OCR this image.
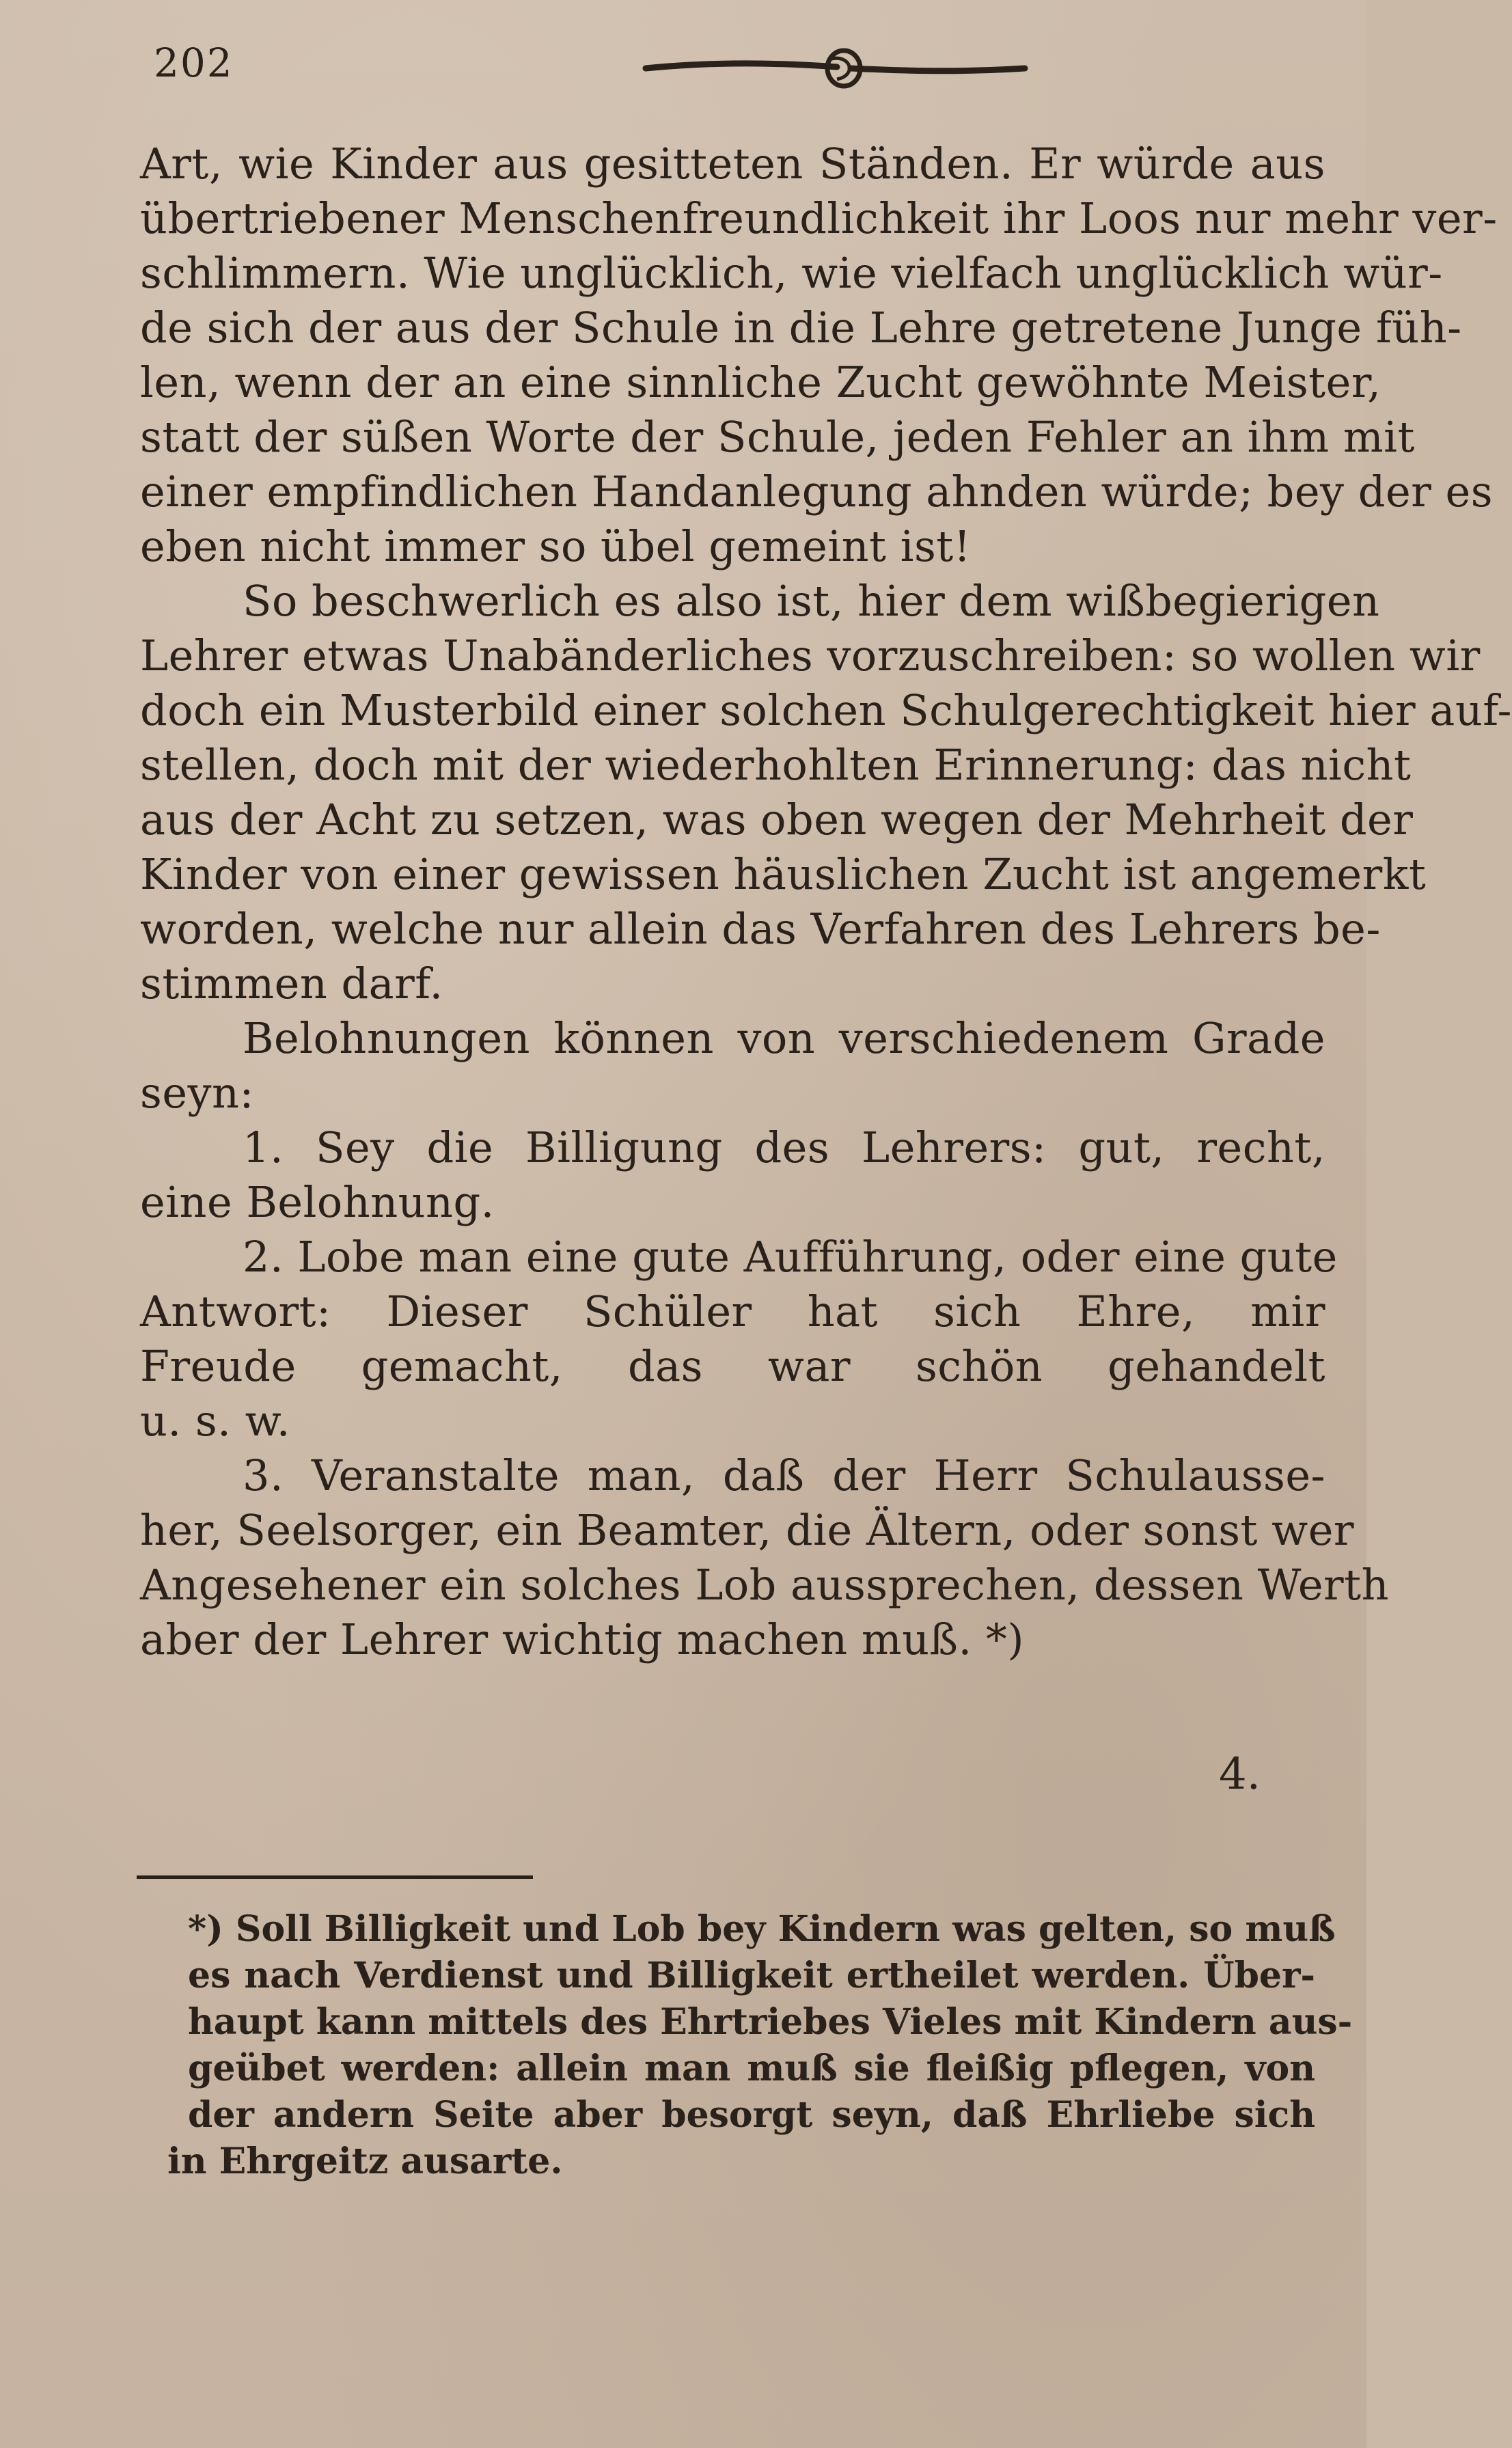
202
Art, wie Kinder aus gesitteten Ständen. Er würde aus
übertriebener Menschenfreundlichkeit ihr Loos nur mehr ver-
schlimmern. Wie unglücklich, wie vielfach unglücklich wür-
de sich der aus der Schule in die Lehre getretene Junge füh-
len, wenn der an eine sinnliche Zucht gewöhnte Meister,
statt der süßen Worte der Schule, jeden Fehler an ihm mit
einer empfindlichen Handanlegung ahnden würde; bey der es
eben nicht immer so übel gemeint ist!
So beschwerlich es also ist, hier dem wißbegierigen
Lehrer etwas Unabänderliches vorzuschreiben: so wollen wir
doch ein Musterbild einer solchen Schulgerechtigkeit hier auf-
stellen, doch mit der wiederhohlten Erinnerung: das nicht
aus der Acht zu setzen, was oben wegen der Mehrheit der
Kinder von einer gewissen häuslichen Zucht ist angemerkt
worden, welche nur allein das Verfahren des Lehrers be-
stimmen darf.
Belohnungen können von verschiedenem Grade
seyn:
1. Sey die Billigung des Lehrers: gut, recht,
eine Belohnung.
2. Lobe man eine gute Aufführung, oder eine gute
Antwort: Dieser Schüler hat sich Ehre, mir
Freude gemacht, das war schön gehandelt
u. s. w.
3. Veranstalte man, daß der Herr Schulausse-
her, Seelsorger, ein Beamter, die Ältern, oder sonst wer
Angesehener ein solches Lob aussprechen, dessen Werth
aber der Lehrer wichtig machen muß. *)
4.
*) Soll Billigkeit und Lob bey Kindern was gelten, so muß
es nach Verdienst und Billigkeit ertheilet werden. Über-
haupt kann mittels des Ehrtriebes Vieles mit Kindern aus-
geübet werden: allein man muß sie fleißig pflegen, von
der andern Seite aber besorgt seyn, daß Ehrliebe sich
in Ehrgeitz ausarte.
